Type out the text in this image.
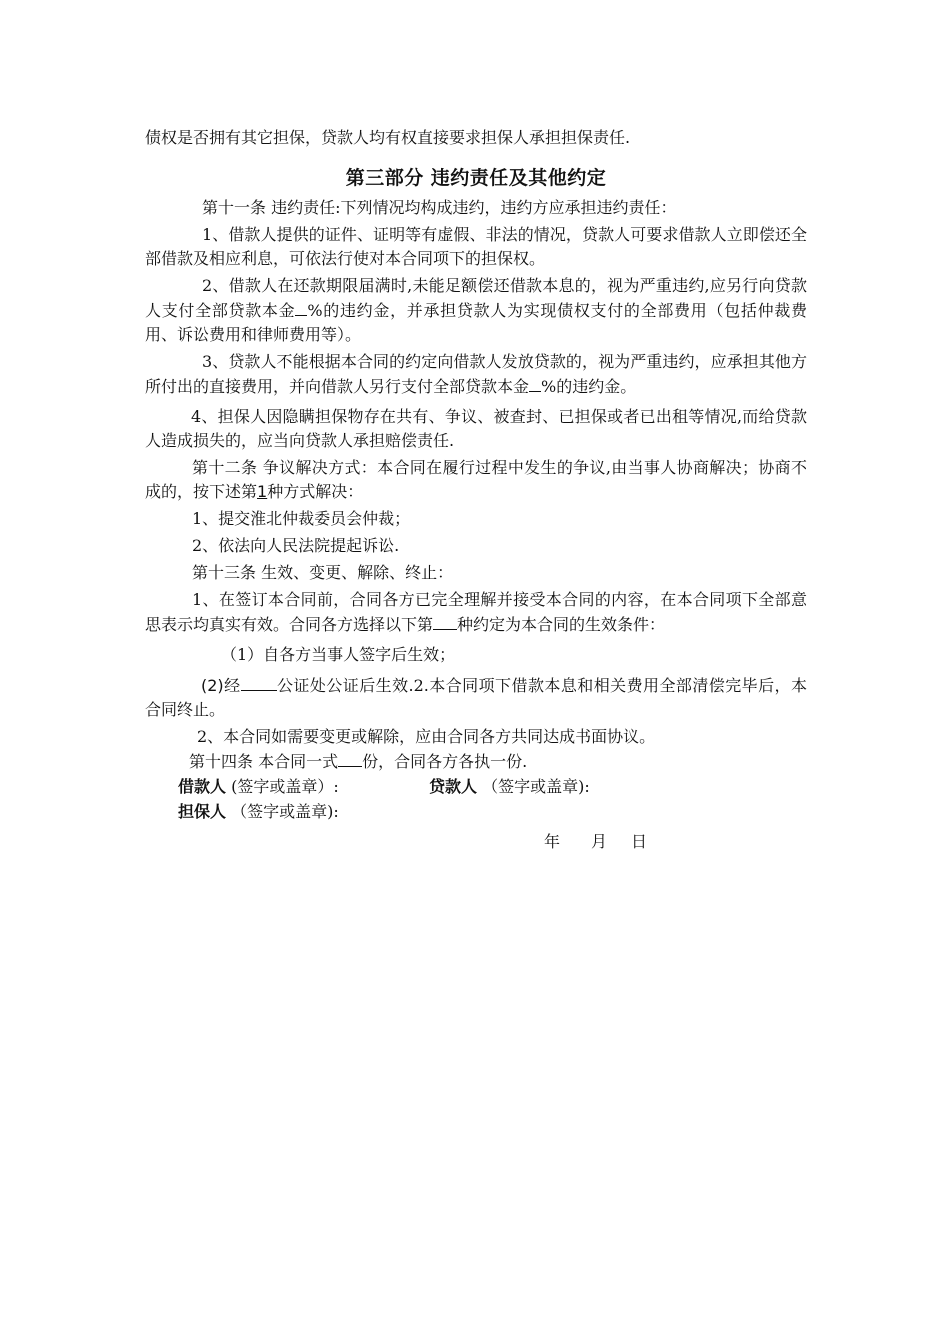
债权是否拥有其它担保，贷款人均有权直接要求担保人承担担保责任.

第三部分 违约责任及其他约定

第十一条 违约责任:下列情况均构成违约，违约方应承担违约责任：

1、借款人提供的证件、证明等有虚假、非法的情况，贷款人可要求借款人立即偿还全部借款及相应利息，可依法行使对本合同项下的担保权。

2、借款人在还款期限届满时,未能足额偿还借款本息的，视为严重违约,应另行向贷款人支付全部贷款本金 %的违约金，并承担贷款人为实现债权支付的全部费用（包括仲裁费用、诉讼费用和律师费用等）。

3、贷款人不能根据本合同的约定向借款人发放贷款的，视为严重违约，应承担其他方所付出的直接费用，并向借款人另行支付全部贷款本金 %的违约金。

4、担保人因隐瞒担保物存在共有、争议、被查封、已担保或者已出租等情况,而给贷款人造成损失的，应当向贷款人承担赔偿责任.

第十二条 争议解决方式：本合同在履行过程中发生的争议,由当事人协商解决；协商不成的，按下述第1种方式解决：

1、提交淮北仲裁委员会仲裁；

2、依法向人民法院提起诉讼.

第十三条 生效、变更、解除、终止：

1、在签订本合同前，合同各方已完全理解并接受本合同的内容，在本合同项下全部意思表示均真实有效。合同各方选择以下第 种约定为本合同的生效条件：

（1）自各方当事人签字后生效；

(2)经 公证处公证后生效.2.本合同项下借款本息和相关费用全部清偿完毕后，本合同终止。

2、本合同如需要变更或解除，应由合同各方共同达成书面协议。

第十四条 本合同一式 份，合同各方各执一份.

借款人 (签字或盖章）:	贷款人 （签字或盖章):
担保人 （签字或盖章):
年 月 日
